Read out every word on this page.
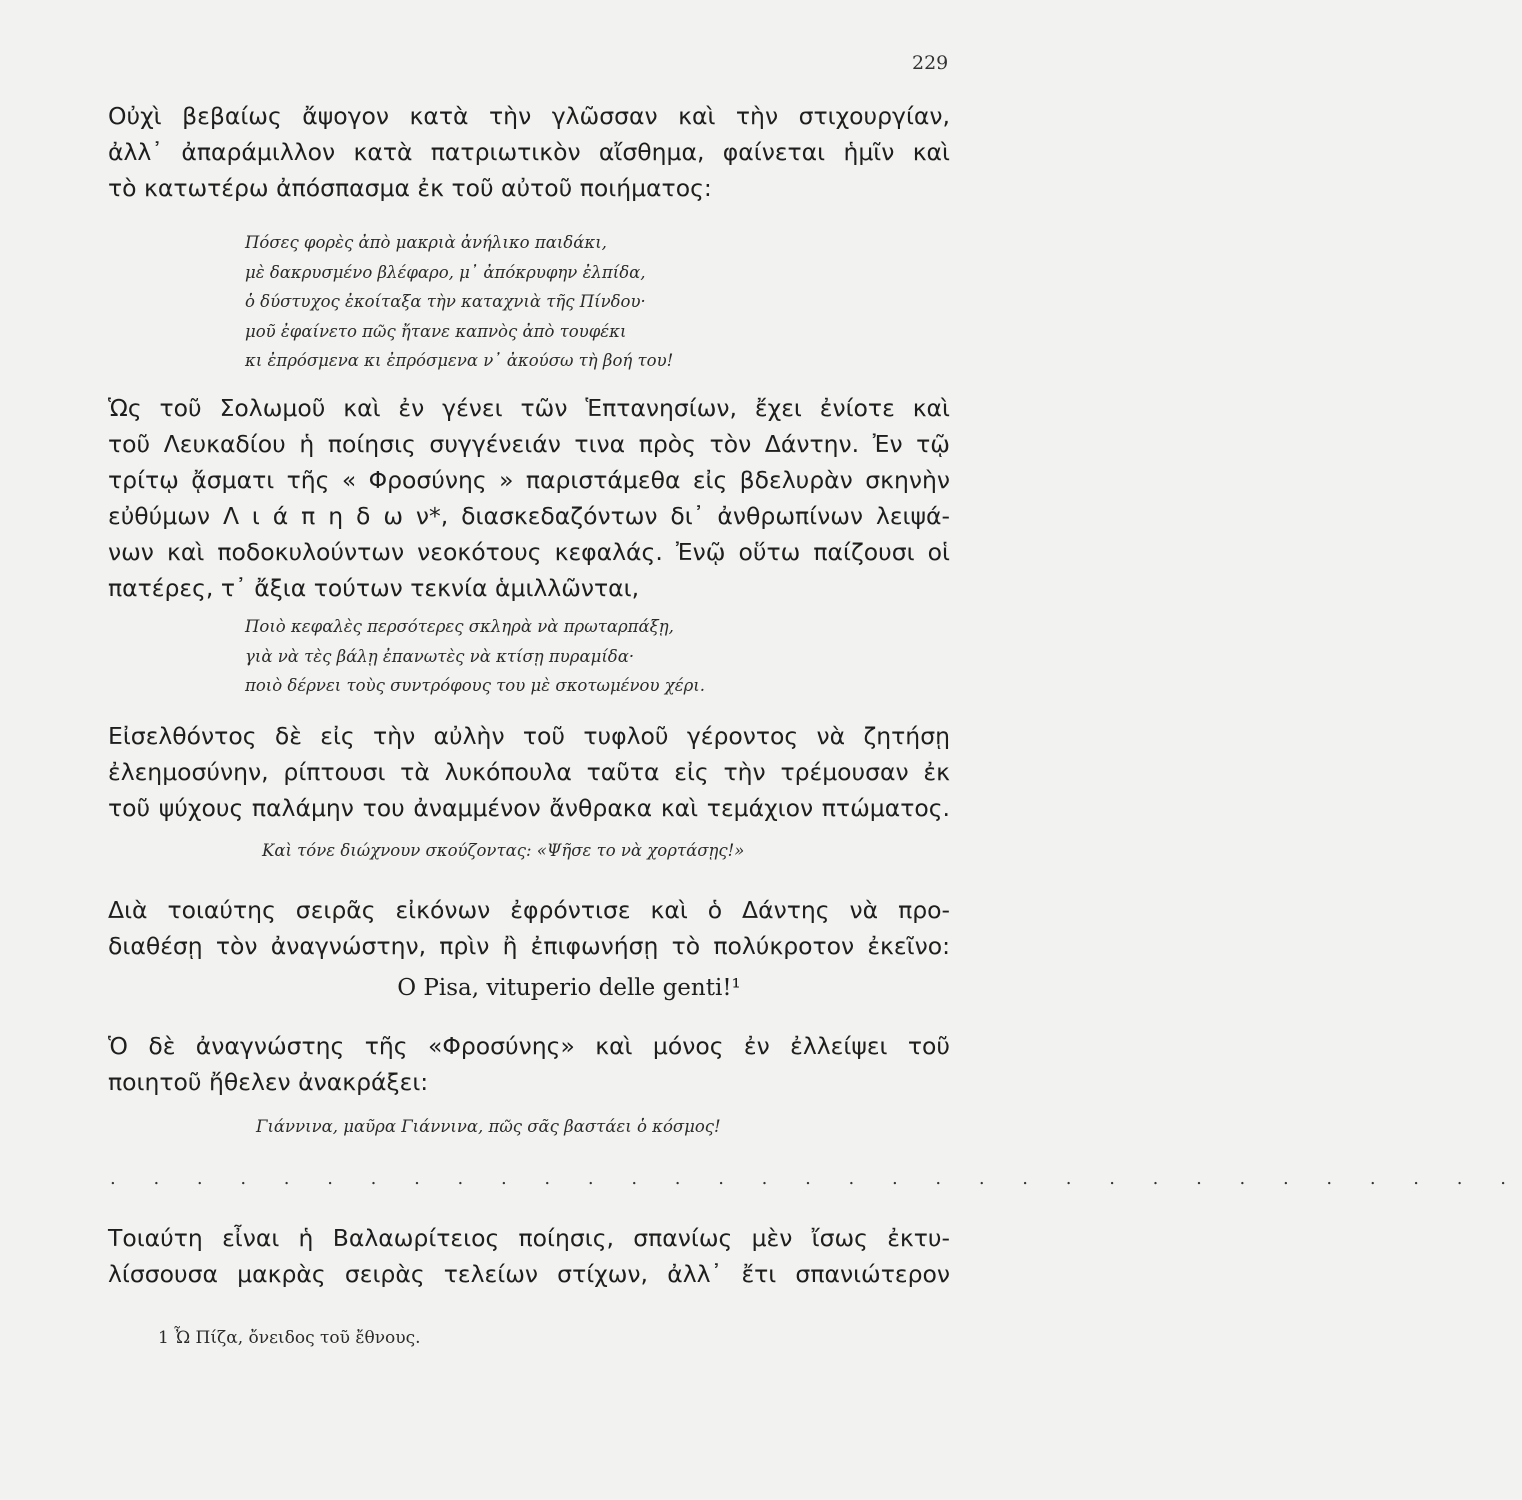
229
Οὐχὶ βεβαίως ἄψογον κατὰ τὴν γλῶσσαν καὶ τὴν στιχουργίαν,
ἀλλ᾽ ἀπαράμιλλον κατὰ πατριωτικὸν αἴσθημα, φαίνεται ἡμῖν καὶ
τὸ κατωτέρω ἀπόσπασμα ἐκ τοῦ αὐτοῦ ποιήματος:
Πόσες φορὲς ἀπὸ μακριὰ ἀνήλικο παιδάκι,
μὲ δακρυσμένο βλέφαρο, μ᾽ ἀπόκρυφην ἐλπίδα,
ὁ δύστυχος ἐκοίταξα τὴν καταχνιὰ τῆς Πίνδου·
μοῦ ἐφαίνετο πῶς ἤτανε καπνὸς ἀπὸ τουφέκι
κι ἐπρόσμενα κι ἐπρόσμενα ν᾽ ἀκούσω τὴ βοή του!
Ὡς τοῦ Σολωμοῦ καὶ ἐν γένει τῶν Ἑπτανησίων, ἔχει ἐνίοτε καὶ
τοῦ Λευκαδίου ἡ ποίησις συγγένειάν τινα πρὸς τὸν Δάντην. Ἐν τῷ
τρίτῳ ᾄσματι τῆς « Φροσύνης » παριστάμεθα εἰς βδελυρὰν σκηνὴν
εὐθύμων Λ ι ά π η δ ω ν*, διασκεδαζόντων δι᾽ ἀνθρωπίνων λειψά-
νων καὶ ποδοκυλούντων νεοκότους κεφαλάς. Ἐνῷ οὕτω παίζουσι οἱ
πατέρες, τ᾽ ἄξια τούτων τεκνία ἁμιλλῶνται,
Ποιὸ κεφαλὲς περσότερες σκληρὰ νὰ πρωταρπάξῃ,
γιὰ νὰ τὲς βάλῃ ἐπανωτὲς νὰ κτίσῃ πυραμίδα·
ποιὸ δέρνει τοὺς συντρόφους του μὲ σκοτωμένου χέρι.
Εἰσελθόντος δὲ εἰς τὴν αὐλὴν τοῦ τυφλοῦ γέροντος νὰ ζητήσῃ
ἐλεημοσύνην, ρίπτουσι τὰ λυκόπουλα ταῦτα εἰς τὴν τρέμουσαν ἐκ
τοῦ ψύχους παλάμην του ἀναμμένον ἄνθρακα καὶ τεμάχιον πτώματος.
Καὶ τόνε διώχνουν σκούζοντας: «Ψῆσε το νὰ χορτάσῃς!»
Διὰ τοιαύτης σειρᾶς εἰκόνων ἐφρόντισε καὶ ὁ Δάντης νὰ προ-
διαθέσῃ τὸν ἀναγνώστην, πρὶν ἢ ἐπιφωνήσῃ τὸ πολύκροτον ἐκεῖνο:
O Pisa, vituperio delle genti!¹
Ὁ δὲ ἀναγνώστης τῆς «Φροσύνης» καὶ μόνος ἐν ἐλλείψει τοῦ
ποιητοῦ ἤθελεν ἀνακράξει:
Γιάννινα, μαῦρα Γιάννινα, πῶς σᾶς βαστάει ὁ κόσμος!
. . . . . . . . . . . . . . . . . . . . . . . . . . . . . . . . .
Τοιαύτη εἶναι ἡ Βαλαωρίτειος ποίησις, σπανίως μὲν ἴσως ἐκτυ-
λίσσουσα μακρὰς σειρὰς τελείων στίχων, ἀλλ᾽ ἔτι σπανιώτερον
1 Ὦ Πίζα, ὄνειδος τοῦ ἔθνους.
